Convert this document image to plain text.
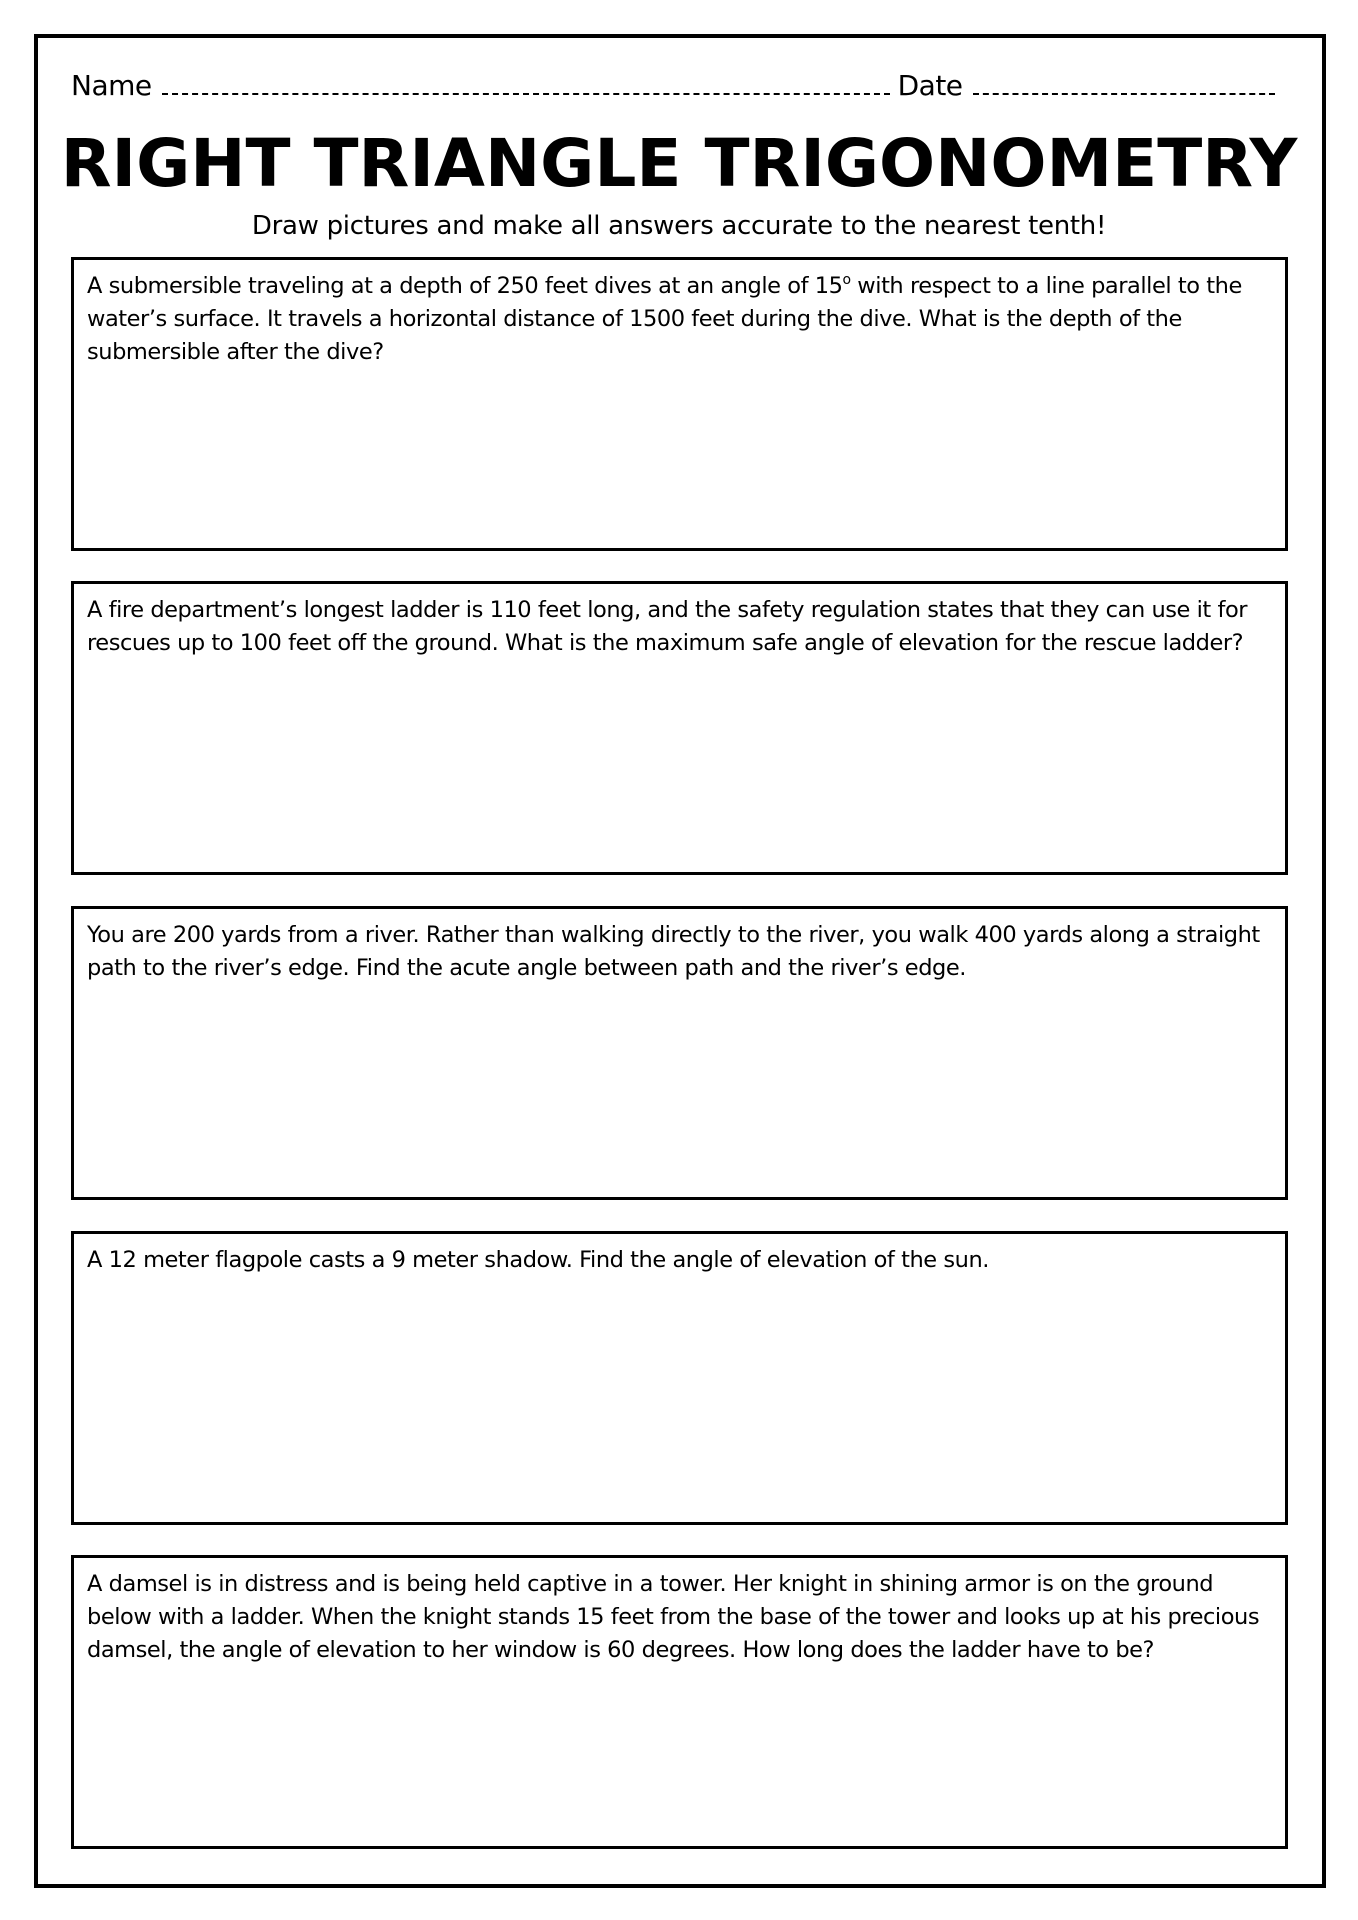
Name	Date
RIGHT TRIANGLE TRIGONOMETRY
Draw pictures and make all answers accurate to the nearest tenth!
A submersible traveling at a depth of 250 feet dives at an angle of 15$^o$ with respect to a line parallel to the water’s surface. It travels a horizontal distance of 1500 feet during the dive. What is the depth of the submersible after the dive?
A fire department’s longest ladder is 110 feet long, and the safety regulation states that they can use it for rescues up to 100 feet off the ground. What is the maximum safe angle of elevation for the rescue ladder?
You are 200 yards from a river. Rather than walking directly to the river, you walk 400 yards along a straight path to the river’s edge. Find the acute angle between path and the river’s edge.
A 12 meter flagpole casts a 9 meter shadow. Find the angle of elevation of the sun.
A damsel is in distress and is being held captive in a tower. Her knight in shining armor is on the ground below with a ladder. When the knight stands 15 feet from the base of the tower and looks up at his precious damsel, the angle of elevation to her window is 60 degrees. How long does the ladder have to be?
